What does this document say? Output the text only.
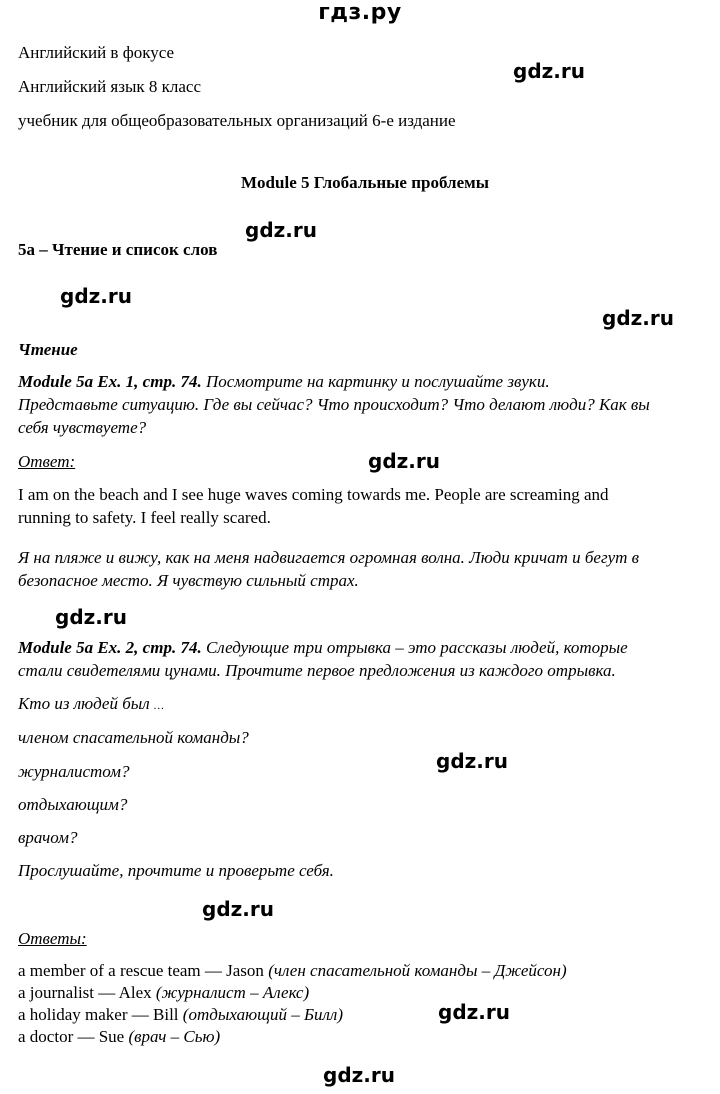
гдз.ру
Английский в фокусе
Английский язык 8 класс
учебник для общеобразовательных организаций 6-е издание
Module 5 Глобальные проблемы
5a – Чтение и список слов
Чтение
Module 5a Ex. 1, стр. 74. Посмотрите на картинку и послушайте звуки.
Представьте ситуацию. Где вы сейчас? Что происходит? Что делают люди? Как вы
себя чувствуете?
Ответ:
I am on the beach and I see huge waves coming towards me. People are screaming and
running to safety. I feel really scared.
Я на пляже и вижу, как на меня надвигается огромная волна. Люди кричат и бегут в
безопасное место. Я чувствую сильный страх.
Module 5a Ex. 2, стр. 74. Следующие три отрывка – это рассказы людей, которые
стали свидетелями цунами. Прочтите первое предложения из каждого отрывка.
Кто из людей был …
членом спасательной команды?
журналистом?
отдыхающим?
врачом?
Прослушайте, прочтите и проверьте себя.
Ответы:
a member of a rescue team — Jason (член спасательной команды – Джейсон)
a journalist — Alex (журналист – Алекс)
a holiday maker — Bill (отдыхающий – Билл)
a doctor — Sue (врач – Сью)
gdz.ru
gdz.ru
gdz.ru
gdz.ru
gdz.ru
gdz.ru
gdz.ru
gdz.ru
gdz.ru
gdz.ru
